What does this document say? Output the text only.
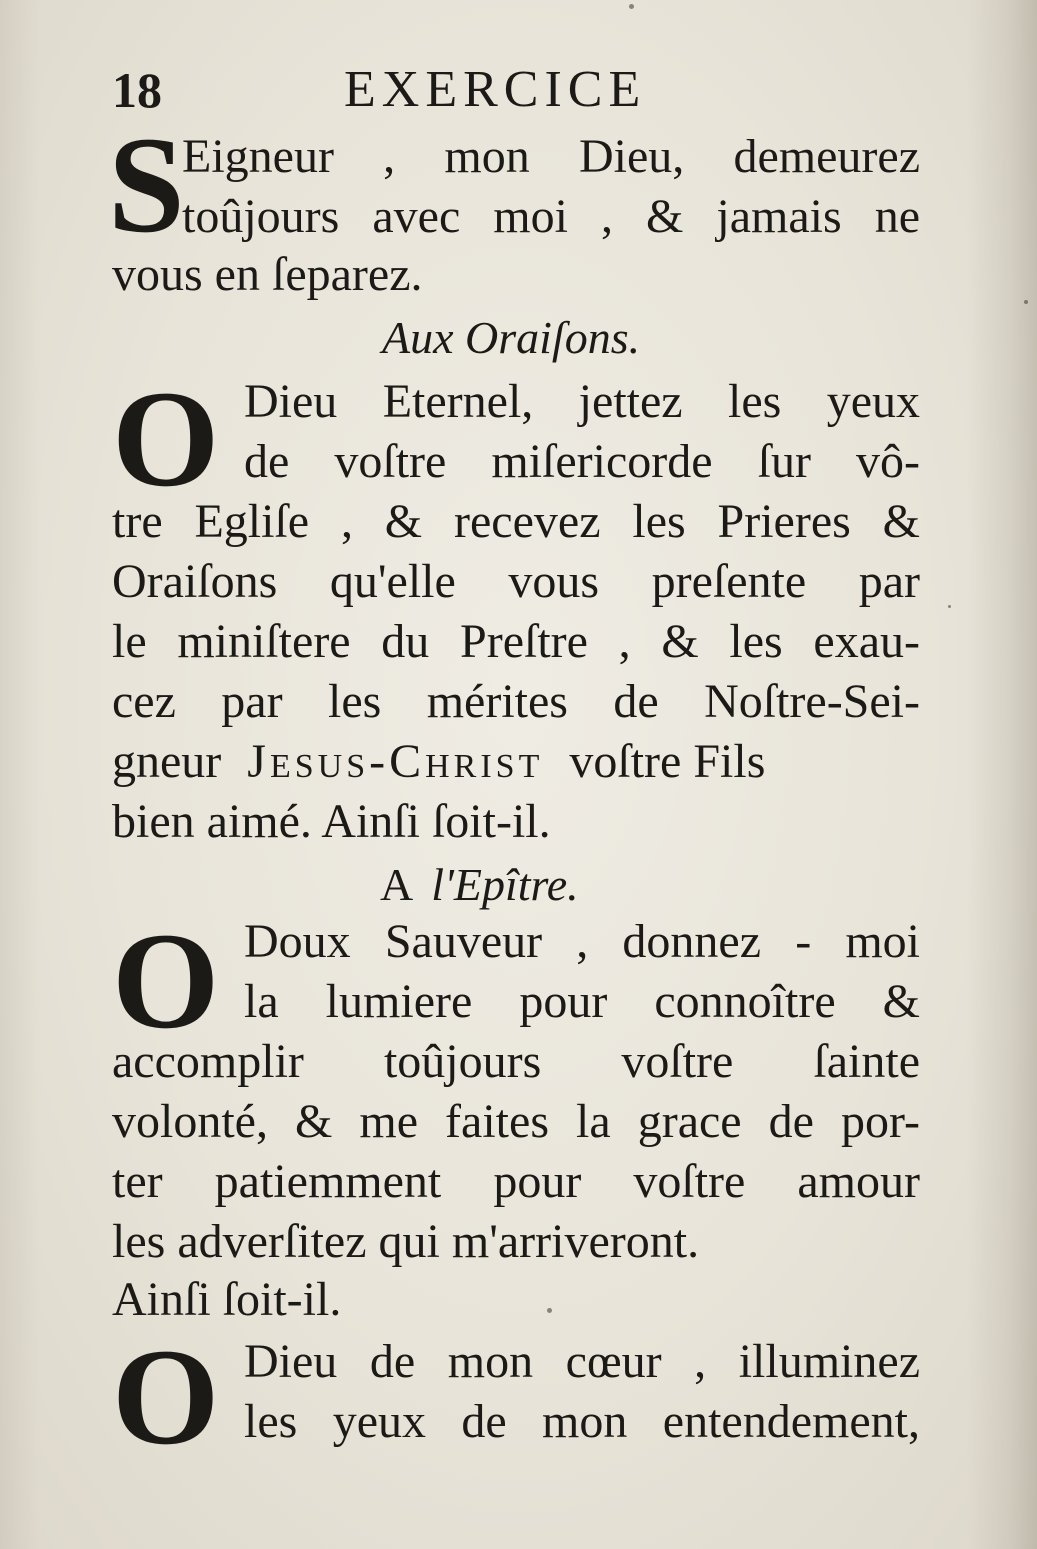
18	EXERCICE
S
Eigneur , mon Dieu, demeurez
toûjours avec moi , & jamais ne
vous en ſeparez.
Aux Oraiſons.
O Dieu Eternel, jettez les yeux
de voſtre miſericorde ſur vô-
tre Egliſe , & recevez les Prieres &
Oraiſons qu'elle vous preſente par
le miniſtere du Preſtre , & les exau-
cez par les mérites de Noſtre-Sei-
gneur Jesus-Christ voſtre Fils
bien aimé. Ainſi ſoit-il.
A l'Epître.
O Doux Sauveur , donnez - moi
la lumiere pour connoître &
accomplir toûjours voſtre ſainte
volonté, & me faites la grace de por-
ter patiemment pour voſtre amour
les adverſitez qui m'arriveront.
Ainſi ſoit-il.
O Dieu de mon cœur , illuminez
les yeux de mon entendement,
